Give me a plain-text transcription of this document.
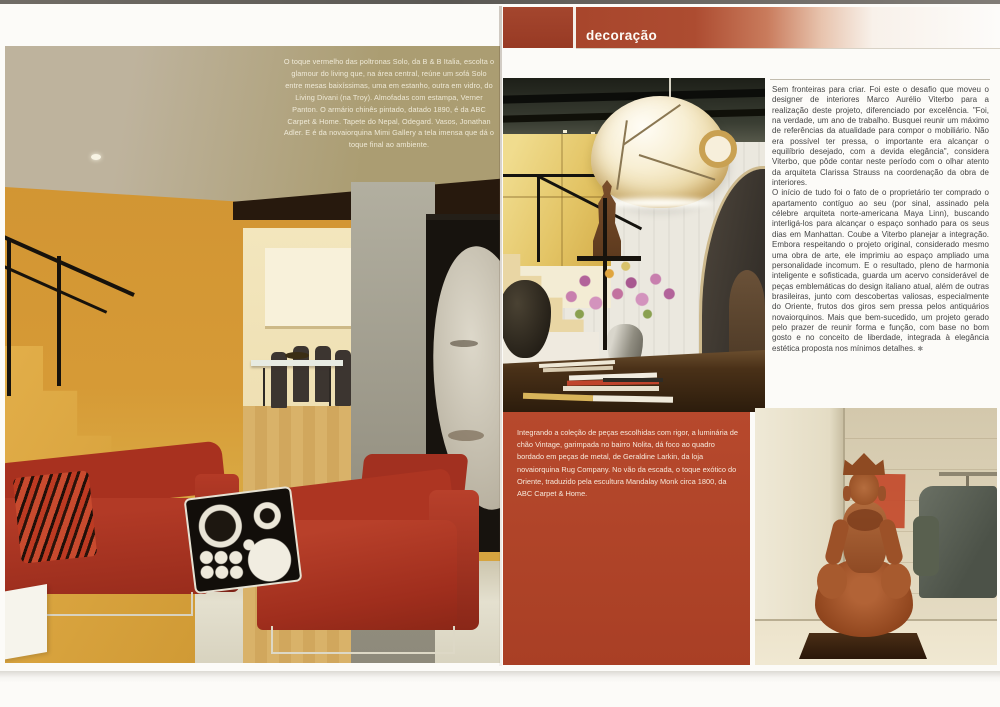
O toque vermelho das poltronas Solo, da B & B Italia, escolta o glamour do living que, na área central, reúne um sofá Solo entre mesas baixíssimas, uma em estanho, outra em vidro, do Living Divani (na Troy). Almofadas com estampa, Verner Panton. O armário chinês pintado, datado 1890, é da ABC Carpet & Home. Tapete do Nepal, Odegard. Vasos, Jonathan Adler. E é da novaiorquina Mimi Gallery a tela imensa que dá o toque final ao ambiente.
decoração

Sem fronteiras para criar. Foi este o desafio que moveu o designer de interiores Marco Aurélio Viterbo para a realização deste projeto, diferenciado por excelência. "Foi, na verdade, um ano de trabalho. Busquei reunir um máximo de referências da atualidade para compor o mobiliário. Não era possível ter pressa, o importante era alcançar o equilíbrio desejado, com a devida elegância", considera Viterbo, que pôde contar neste período com o olhar atento da arquiteta Clarissa Strauss na coordenação da obra de interiores.

O início de tudo foi o fato de o proprietário ter comprado o apartamento contíguo ao seu (por sinal, assinado pela célebre arquiteta norte-americana Maya Linn), buscando interligá-los para alcançar o espaço sonhado para os seus dias em Manhattan. Coube a Viterbo planejar a integração. Embora respeitando o projeto original, considerado mesmo uma obra de arte, ele imprimiu ao espaço ampliado uma personalidade incomum. E o resultado, pleno de harmonia inteligente e sofisticada, guarda um acervo considerável de peças emblemáticas do design italiano atual, além de outras brasileiras, junto com descobertas valiosas, especialmente do Oriente, frutos dos giros sem pressa pelos antiquários novaiorquinos. Mais que bem-sucedido, um projeto gerado pelo prazer de reunir forma e função, com base no bom gosto e no conceito de liberdade, integrada à elegância estética proposta nos mínimos detalhes. ✱

Integrando a coleção de peças escolhidas com rigor, a luminária de chão Vintage, garimpada no bairro Nolita, dá foco ao quadro bordado em peças de metal, de Geraldine Larkin, da loja novaiorquina Rug Company. No vão da escada, o toque exótico do Oriente, traduzido pela escultura Mandalay Monk circa 1800, da ABC Carpet & Home.
